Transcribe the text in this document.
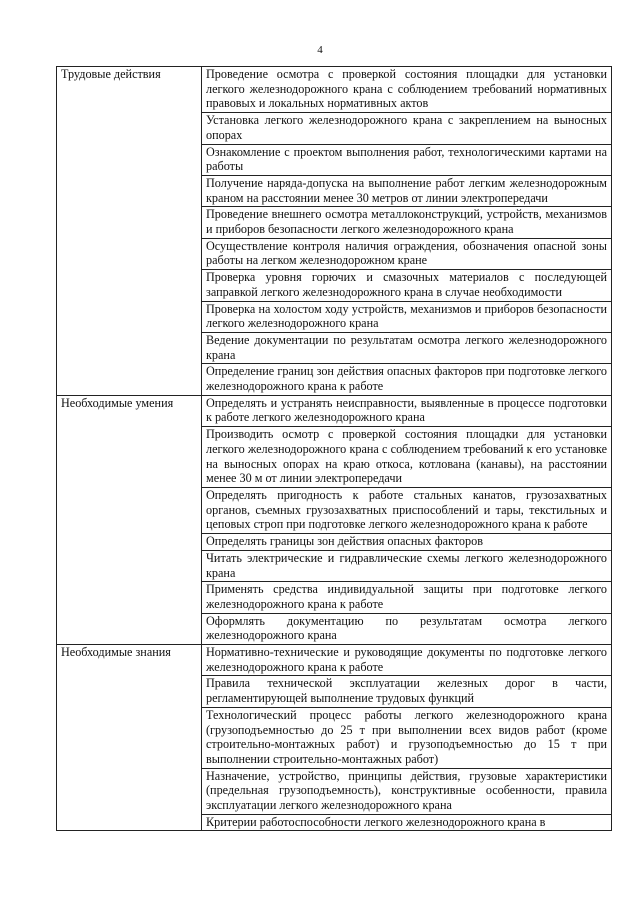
4
Трудовые действия	Проведение осмотра с проверкой состояния площадки для установки легкого железнодорожного крана с соблюдением требований нормативных правовых и локальных нормативных актов
	Установка легкого железнодорожного крана с закреплением на выносных опорах
	Ознакомление с проектом выполнения работ, технологическими картами на работы
	Получение наряда-допуска на выполнение работ легким железнодорожным краном на расстоянии менее 30 метров от линии электропередачи
	Проведение внешнего осмотра металлоконструкций, устройств, механизмов и приборов безопасности легкого железнодорожного крана
	Осуществление контроля наличия ограждения, обозначения опасной зоны работы на легком железнодорожном кране
	Проверка уровня горючих и смазочных материалов с последующей заправкой легкого железнодорожного крана в случае необходимости
	Проверка на холостом ходу устройств, механизмов и приборов безопасности легкого железнодорожного крана
	Ведение документации по результатам осмотра легкого железнодорожного крана
	Определение границ зон действия опасных факторов при подготовке легкого железнодорожного крана к работе
Необходимые умения	Определять и устранять неисправности, выявленные в процессе подготовки к работе легкого железнодорожного крана
	Производить осмотр с проверкой состояния площадки для установки легкого железнодорожного крана с соблюдением требований к его установке на выносных опорах на краю откоса, котлована (канавы), на расстоянии менее 30 м от линии электропередачи
	Определять пригодность к работе стальных канатов, грузозахватных органов, съемных грузозахватных приспособлений и тары, текстильных и цеповых строп при подготовке легкого железнодорожного крана к работе
	Определять границы зон действия опасных факторов
	Читать электрические и гидравлические схемы легкого железнодорожного крана
	Применять средства индивидуальной защиты при подготовке легкого железнодорожного крана к работе
	Оформлять документацию по результатам осмотра легкого железнодорожного крана
Необходимые знания	Нормативно-технические и руководящие документы по подготовке легкого железнодорожного крана к работе
	Правила технической эксплуатации железных дорог в части, регламентирующей выполнение трудовых функций
	Технологический процесс работы легкого железнодорожного крана (грузоподъемностью до 25 т при выполнении всех видов работ (кроме строительно-монтажных работ) и грузоподъемностью до 15 т при выполнении строительно-монтажных работ)
	Назначение, устройство, принципы действия, грузовые характеристики (предельная грузоподъемность), конструктивные особенности, правила эксплуатации легкого железнодорожного крана
	Критерии работоспособности легкого железнодорожного крана в
